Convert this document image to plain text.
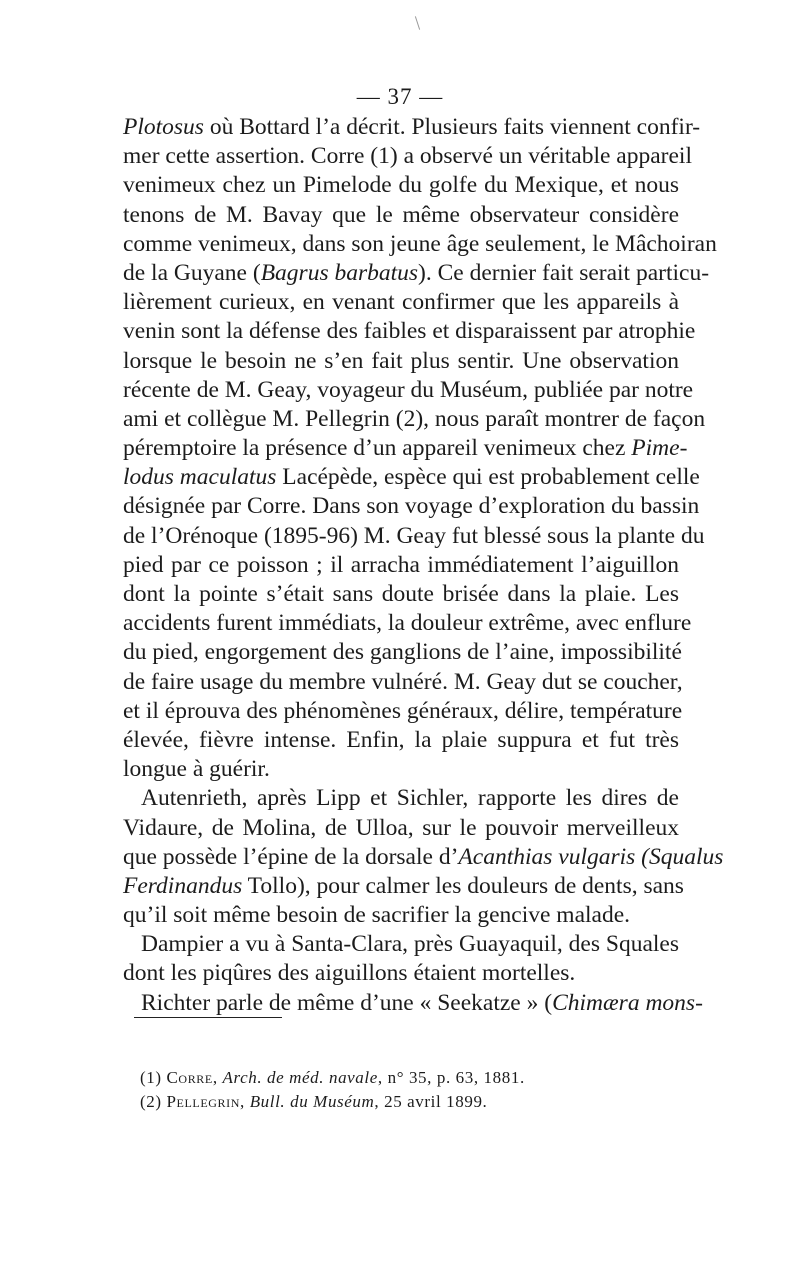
— 37 —
Plotosus où Bottard l’a décrit. Plusieurs faits viennent confir-
mer cette assertion. Corre (1) a observé un véritable appareil
venimeux chez un Pimelode du golfe du Mexique, et nous
tenons de M. Bavay que le même observateur considère
comme venimeux, dans son jeune âge seulement, le Mâchoiran
de la Guyane (Bagrus barbatus). Ce dernier fait serait particu-
lièrement curieux, en venant confirmer que les appareils à
venin sont la défense des faibles et disparaissent par atrophie
lorsque le besoin ne s’en fait plus sentir. Une observation
récente de M. Geay, voyageur du Muséum, publiée par notre
ami et collègue M. Pellegrin (2), nous paraît montrer de façon
péremptoire la présence d’un appareil venimeux chez Pime-
lodus maculatus Lacépède, espèce qui est probablement celle
désignée par Corre. Dans son voyage d’exploration du bassin
de l’Orénoque (1895-96) M. Geay fut blessé sous la plante du
pied par ce poisson ; il arracha immédiatement l’aiguillon
dont la pointe s’était sans doute brisée dans la plaie. Les
accidents furent immédiats, la douleur extrême, avec enflure
du pied, engorgement des ganglions de l’aine, impossibilité
de faire usage du membre vulnéré. M. Geay dut se coucher,
et il éprouva des phénomènes généraux, délire, température
élevée, fièvre intense. Enfin, la plaie suppura et fut très
longue à guérir.
Autenrieth, après Lipp et Sichler, rapporte les dires de
Vidaure, de Molina, de Ulloa, sur le pouvoir merveilleux
que possède l’épine de la dorsale d’Acanthias vulgaris (Squalus
Ferdinandus Tollo), pour calmer les douleurs de dents, sans
qu’il soit même besoin de sacrifier la gencive malade.
Dampier a vu à Santa-Clara, près Guayaquil, des Squales
dont les piqûres des aiguillons étaient mortelles.
Richter parle de même d’une « Seekatze » (Chimæra mons-
(1) Corre, Arch. de méd. navale, n° 35, p. 63, 1881.
(2) Pellegrin, Bull. du Muséum, 25 avril 1899.
